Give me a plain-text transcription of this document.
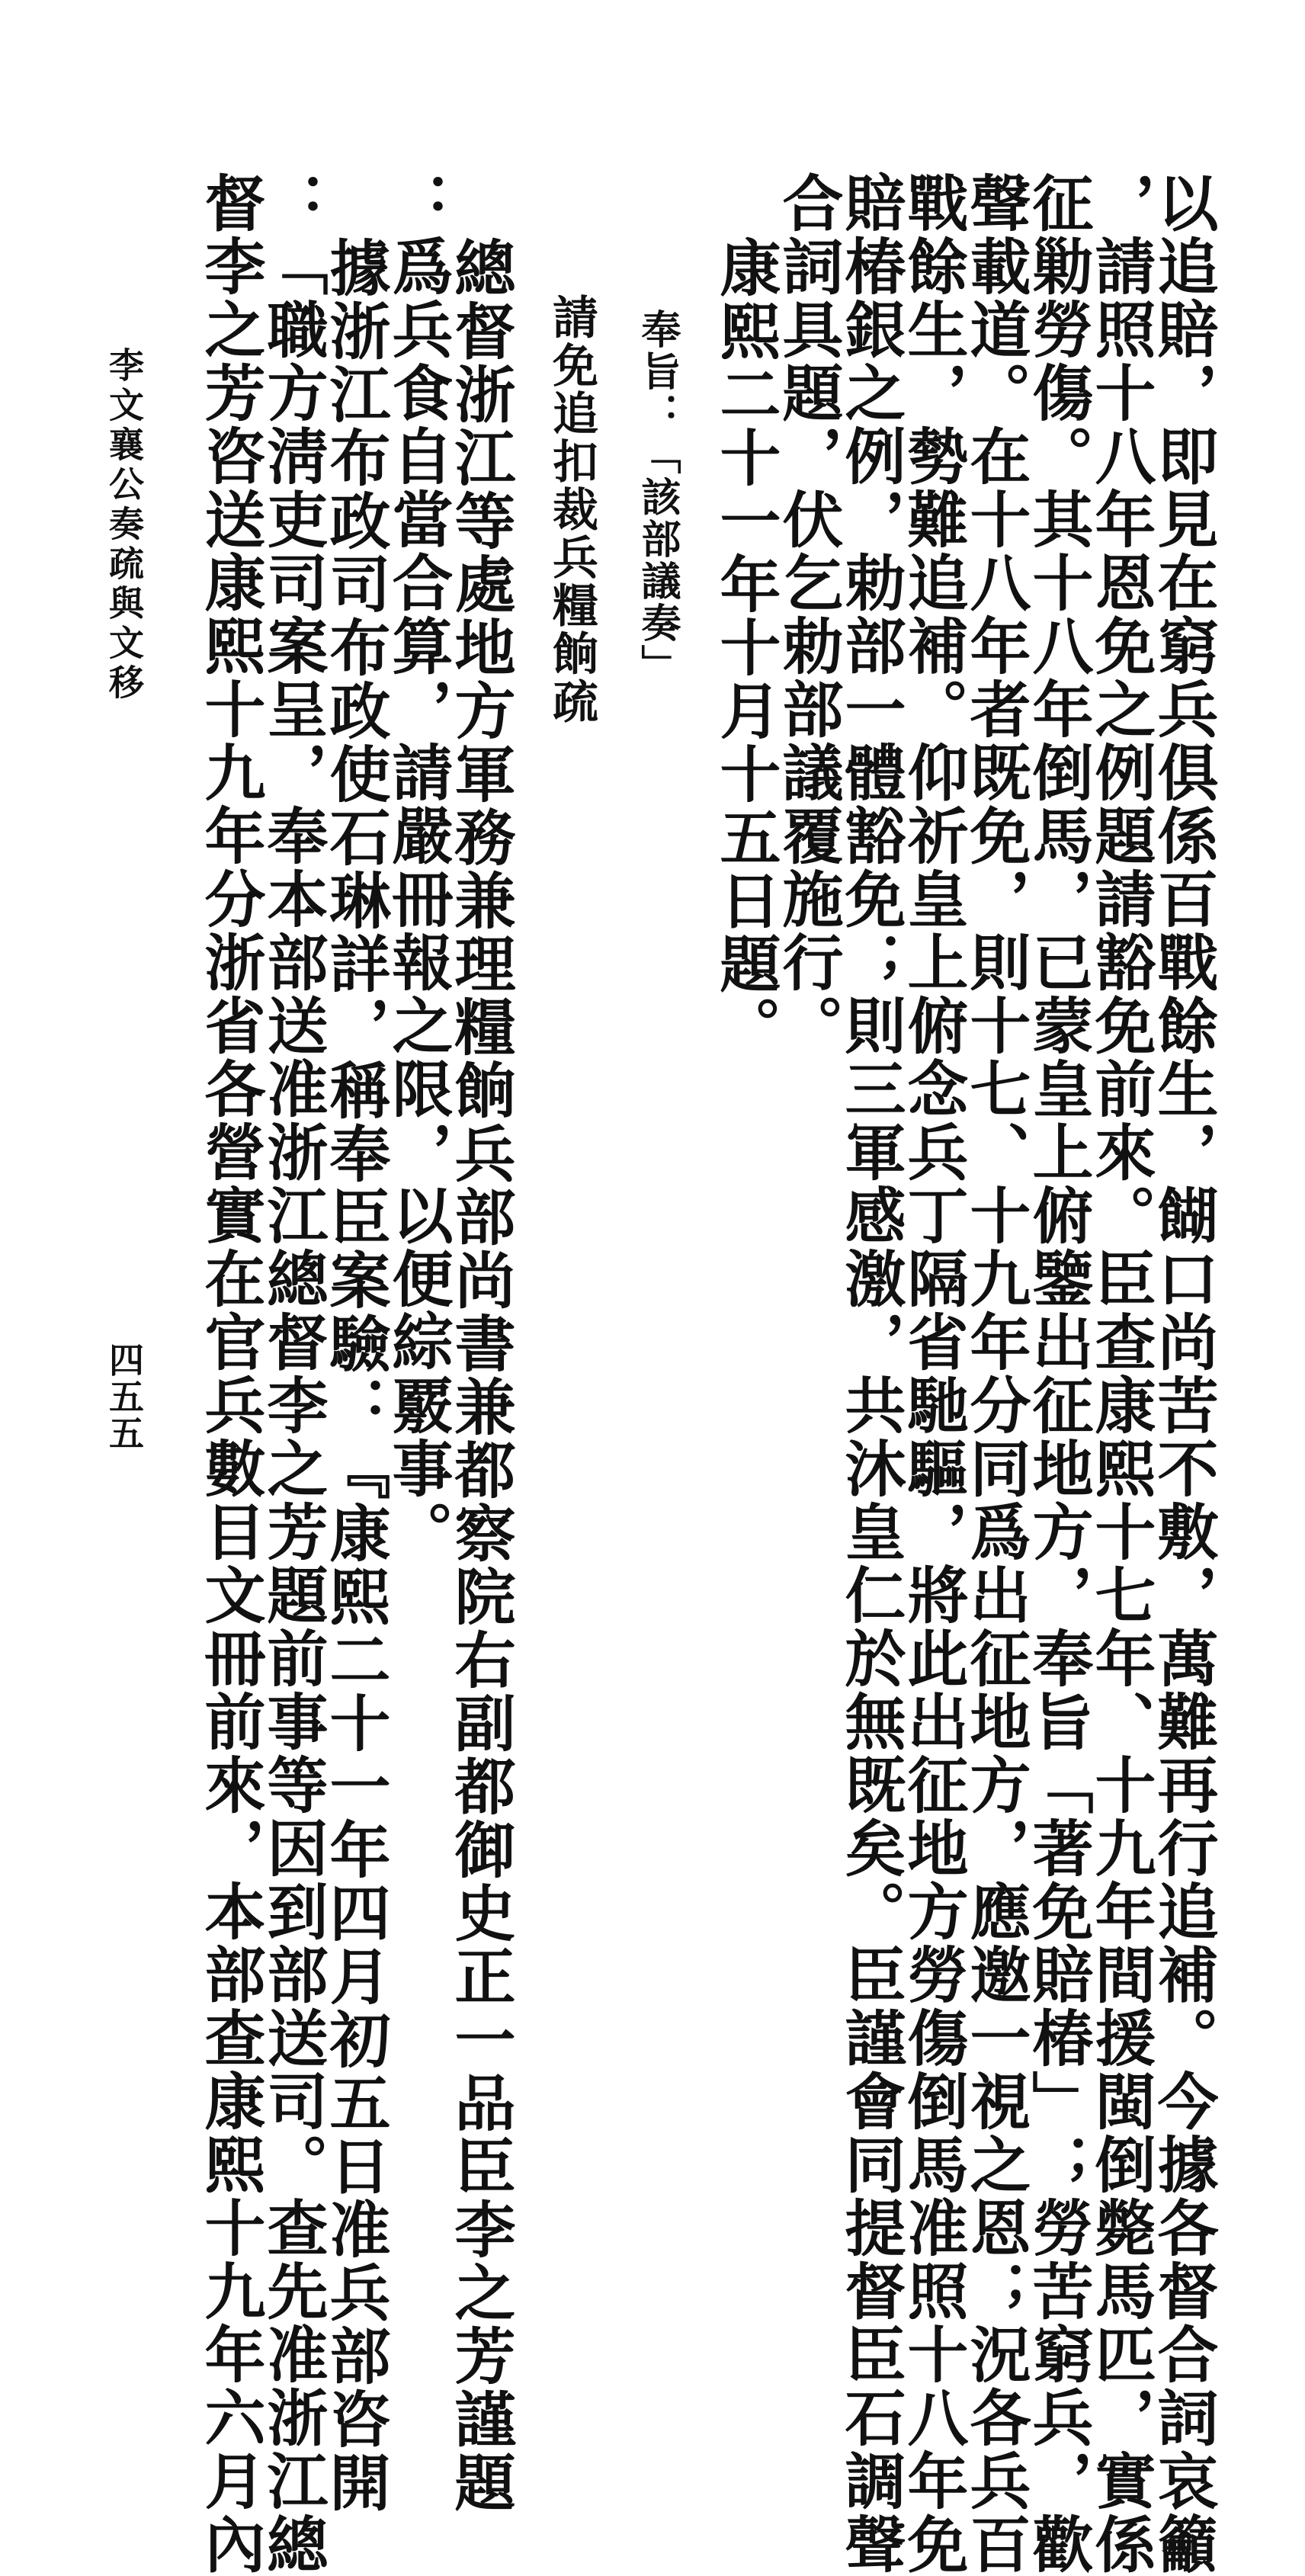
以追賠，即見在窮兵俱係百戰餘生，餬口尚苦不敷，萬難再行追補。今據各督合詞哀籲
，請照十八年恩免之例題請豁免前來。臣查康熙十七年、十九年間援閩倒斃馬匹，實係
征勦勞傷。其十八年倒馬，已蒙皇上俯鑒出征地方，奉旨「著免賠椿」；勞苦窮兵，歡
聲載道。在十八年者既免，則十七、十九年分同爲出征地方，應邀一視之恩；況各兵百
戰餘生，勢難追補。仰祈皇上俯念兵丁隔省馳驅，將此出征地方勞傷倒馬准照十八年免
賠椿銀之例，勅部一體豁免；則三軍感激，共沐皇仁於無既矣。臣謹會同提督臣石調聲
合詞具題，伏乞勅部議覆施行。
康熙二十一年十月十五日題。
奉旨：「該部議奏」
請免追扣裁兵糧餉疏
總督浙江等處地方軍務兼理糧餉兵部尚書兼都察院右副都御史正一品臣李之芳謹題
：爲兵食自當合算，請嚴冊報之限，以便綜覈事。
據浙江布政司布政使石琳詳，稱奉臣案驗：『康熙二十一年四月初五日准兵部咨開
：「職方淸吏司案呈，奉本部送准浙江總督李之芳題前事等因到部送司。查先准浙江總
督李之芳咨送康熙十九年分浙省各營實在官兵數目文冊前來，本部查康熙十九年六月內
李文襄公奏疏與文移
四五五
